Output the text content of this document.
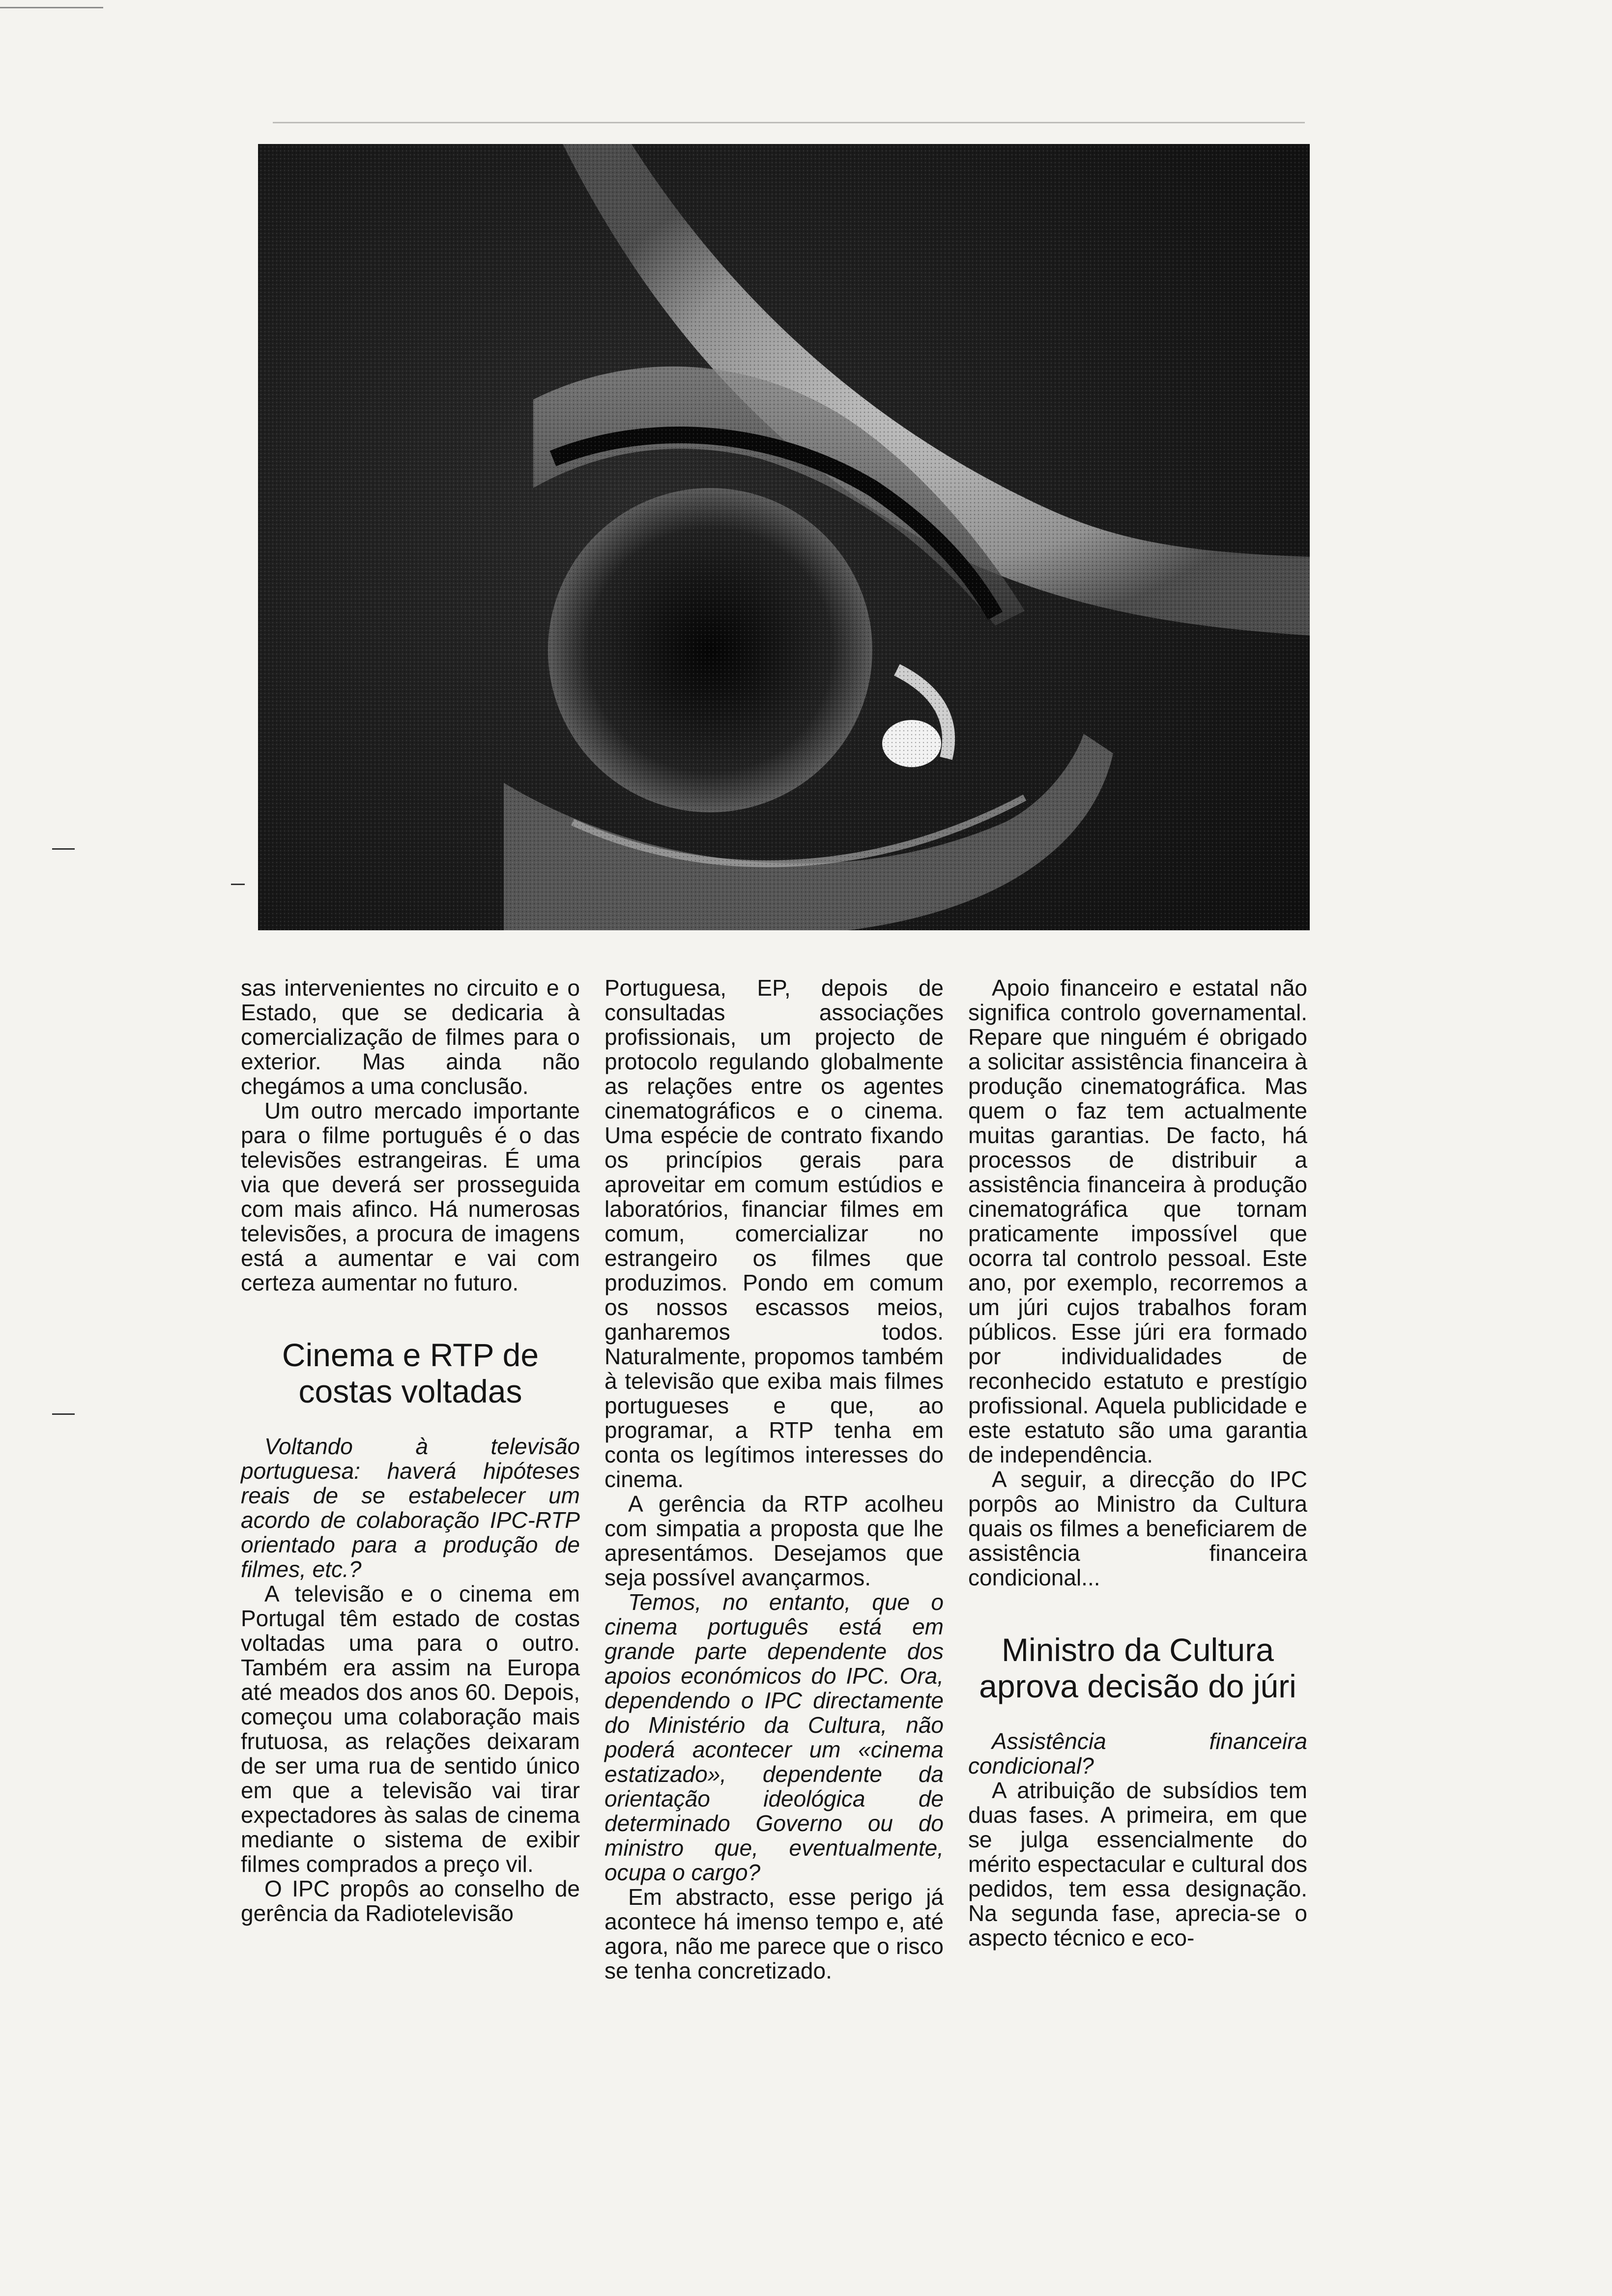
sas intervenientes no circuito e o Estado, que se dedicaria à comercialização de filmes para o exterior. Mas ainda não chegámos a uma conclusão.

Um outro mercado importante para o filme português é o das televisões estrangeiras. É uma via que deverá ser prosseguida com mais afinco. Há numerosas televisões, a procura de imagens está a aumentar e vai com certeza aumentar no futuro.

Cinema e RTP de costas voltadas

Voltando à televisão portuguesa: haverá hipóteses reais de se estabelecer um acordo de colaboração IPC-RTP orientado para a produção de filmes, etc.?

A televisão e o cinema em Portugal têm estado de costas voltadas uma para o outro. Também era assim na Europa até meados dos anos 60. Depois, começou uma colaboração mais frutuosa, as relações deixaram de ser uma rua de sentido único em que a televisão vai tirar expectadores às salas de cinema mediante o sistema de exibir filmes comprados a preço vil.

O IPC propôs ao conselho de gerência da Radiotelevisão

Portuguesa, EP, depois de consultadas associações profissionais, um projecto de protocolo regulando globalmente as relações entre os agentes cinematográficos e o cinema. Uma espécie de contrato fixando os princípios gerais para aproveitar em comum estúdios e laboratórios, financiar filmes em comum, comercializar no estrangeiro os filmes que produzimos. Pondo em comum os nossos escassos meios, ganharemos todos. Naturalmente, propomos também à televisão que exiba mais filmes portugueses e que, ao programar, a RTP tenha em conta os legítimos interesses do cinema.

A gerência da RTP acolheu com simpatia a proposta que lhe apresentámos. Desejamos que seja possível avançarmos.

Temos, no entanto, que o cinema português está em grande parte dependente dos apoios económicos do IPC. Ora, dependendo o IPC directamente do Ministério da Cultura, não poderá acontecer um «cinema estatizado», dependente da orientação ideológica de determinado Governo ou do ministro que, eventualmente, ocupa o cargo?

Em abstracto, esse perigo já acontece há imenso tempo e, até agora, não me parece que o risco se tenha concretizado.

Apoio financeiro e estatal não significa controlo governamental. Repare que ninguém é obrigado a solicitar assistência financeira à produção cinematográfica. Mas quem o faz tem actualmente muitas garantias. De facto, há processos de distribuir a assistência financeira à produção cinematográfica que tornam praticamente impossível que ocorra tal controlo pessoal. Este ano, por exemplo, recorremos a um júri cujos trabalhos foram públicos. Esse júri era formado por individualidades de reconhecido estatuto e prestígio profissional. Aquela publicidade e este estatuto são uma garantia de independência.

A seguir, a direcção do IPC porpôs ao Ministro da Cultura quais os filmes a beneficiarem de assistência financeira condicional...

Ministro da Cultura aprova decisão do júri

Assistência financeira condicional?

A atribuição de subsídios tem duas fases. A primeira, em que se julga essencialmente do mérito espectacular e cultural dos pedidos, tem essa designação. Na segunda fase, aprecia-se o aspecto técnico e eco-
